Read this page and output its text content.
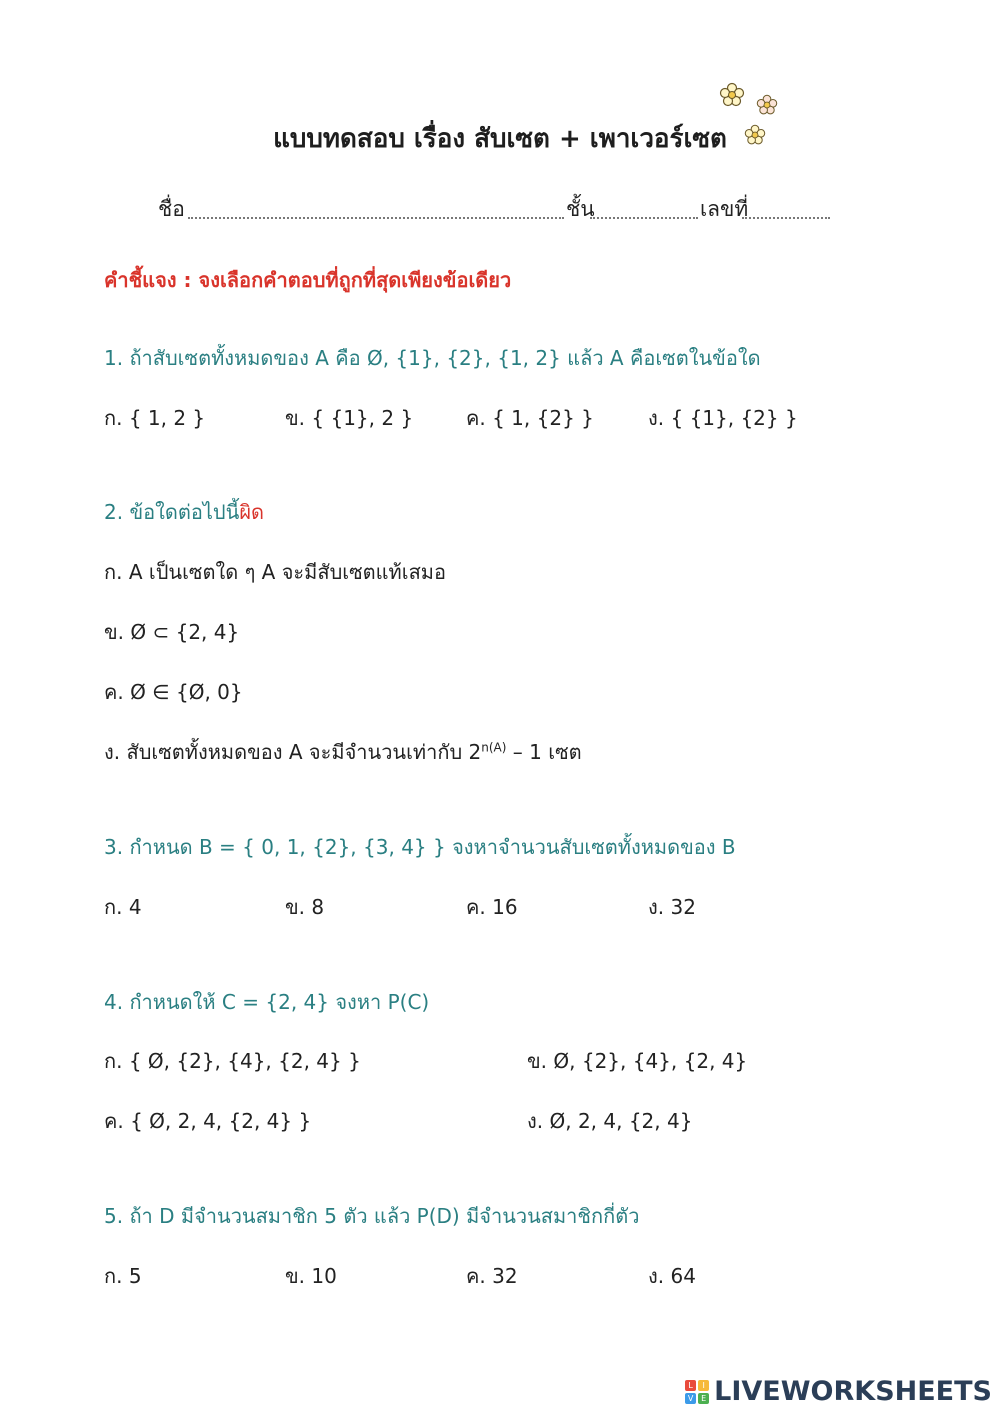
แบบทดสอบ เรื่อง สับเซต + เพาเวอร์เซต
ชื่อ	ชั้น	เลขที่
คำชี้แจง : จงเลือกคำตอบที่ถูกที่สุดเพียงข้อเดียว
1. ถ้าสับเซตทั้งหมดของ A คือ Ø, {1}, {2}, {1, 2} แล้ว A คือเซตในข้อใด
ก. { 1, 2 }	ข. { {1}, 2 }	ค. { 1, {2} }	ง. { {1}, {2} }
2. ข้อใดต่อไปนี้ผิด
ก. A เป็นเซตใด ๆ A จะมีสับเซตแท้เสมอ
ข. Ø ⊂ {2, 4}
ค. Ø ∈ {Ø, 0}
ง. สับเซตทั้งหมดของ A จะมีจำนวนเท่ากับ $2^{n(A)} - 1$ เซต
3. กำหนด B = { 0, 1, {2}, {3, 4} } จงหาจำนวนสับเซตทั้งหมดของ B
ก. 4	ข. 8	ค. 16	ง. 32
4. กำหนดให้ C = {2, 4} จงหา P(C)
ก. { Ø, {2}, {4}, {2, 4} }	ข. Ø, {2}, {4}, {2, 4}
ค. { Ø, 2, 4, {2, 4} }	ง. Ø, 2, 4, {2, 4}
5. ถ้า D มีจำนวนสมาชิก 5 ตัว แล้ว P(D) มีจำนวนสมาชิกกี่ตัว
ก. 5	ข. 10	ค. 32	ง. 64
L	I
V E LIVEWORKSHEETS
